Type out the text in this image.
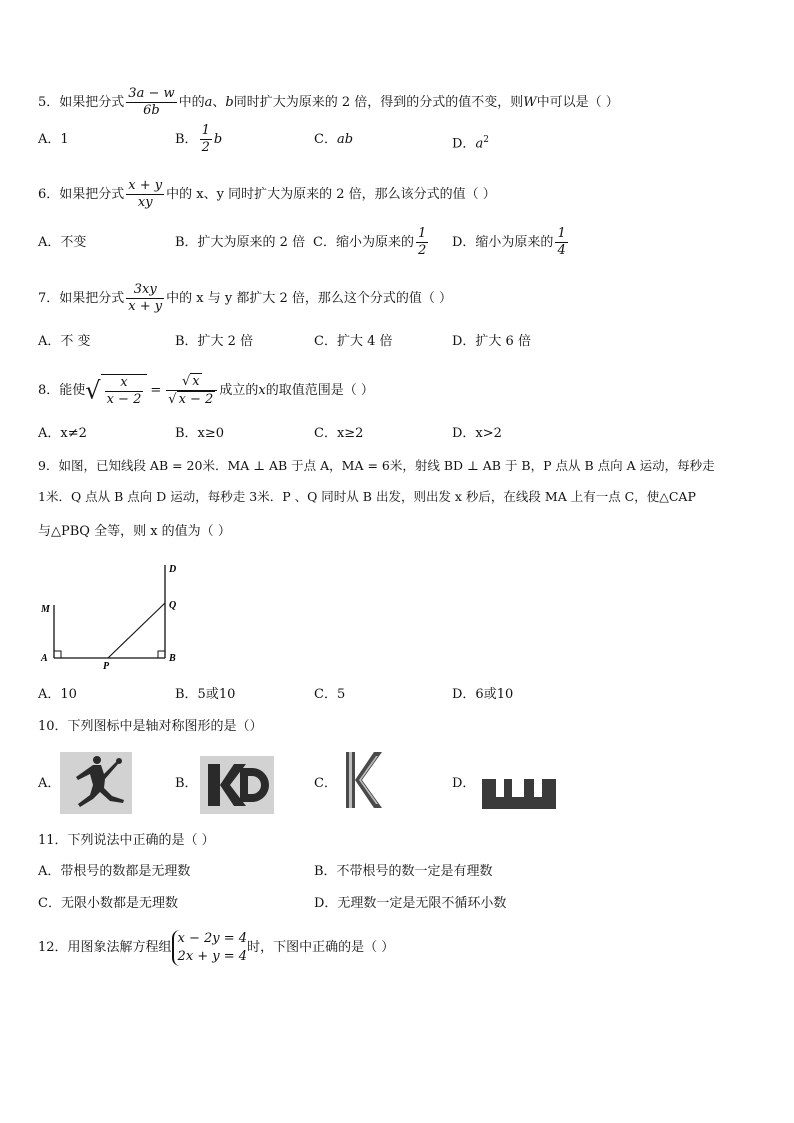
5．如果把分式 $\frac{3a - w}{6b}$ 中的a、b同时扩大为原来的 2 倍，得到的分式的值不变，则W中可以是（ ）
A．1	B． $\frac{1}{2}$ b	C．ab	D．$a^2$
6．如果把分式 $\frac{x + y}{xy}$ 中的 x、y 同时扩大为原来的 2 倍，那么该分式的值（ ）
A．不变	B．扩大为原来的 2 倍 C．缩小为原来的 $\frac{1}{2}$ D．缩小为原来的 $\frac{1}{4}$
7．如果把分式 $\frac{3xy}{x + y}$ 中的 x 与 y 都扩大 2 倍，那么这个分式的值（ ）
A．不 变	B．扩大 2 倍	C．扩大 4 倍	D．扩大 6 倍
8．能使√ $\frac{x}{x - 2} = \frac{√ x}{√ x - 2}$ 成立的x的取值范围是（ ）
A．x≠2	B．x≥0	C．x≥2	D．x>2
9．如图，已知线段 AB = 20米．MA ⊥ AB 于点 A，MA = 6米，射线 BD ⊥ AB 于 B，P 点从 B 点向 A 运动，每秒走
1米．Q 点从 B 点向 D 运动，每秒走 3米．P 、Q 同时从 B 出发，则出发 x 秒后，在线段 MA 上有一点 C，使△CAP
与△PBQ 全等，则 x 的值为（ ）
D
M	Q
A
P
B
A．10	B．5或10	C．5	D．6或10
10．下列图标中是轴对称图形的是（）
A．	B．	C．	D．
11．下列说法中正确的是（ ）
A．带根号的数都是无理数	B．不带根号的数一定是有理数
C．无限小数都是无理数	D．无理数一定是无限不循环小数
12．用图象法解方程组
x − 2y = 4
2x + y = 4
时，下图中正确的是（ ）
